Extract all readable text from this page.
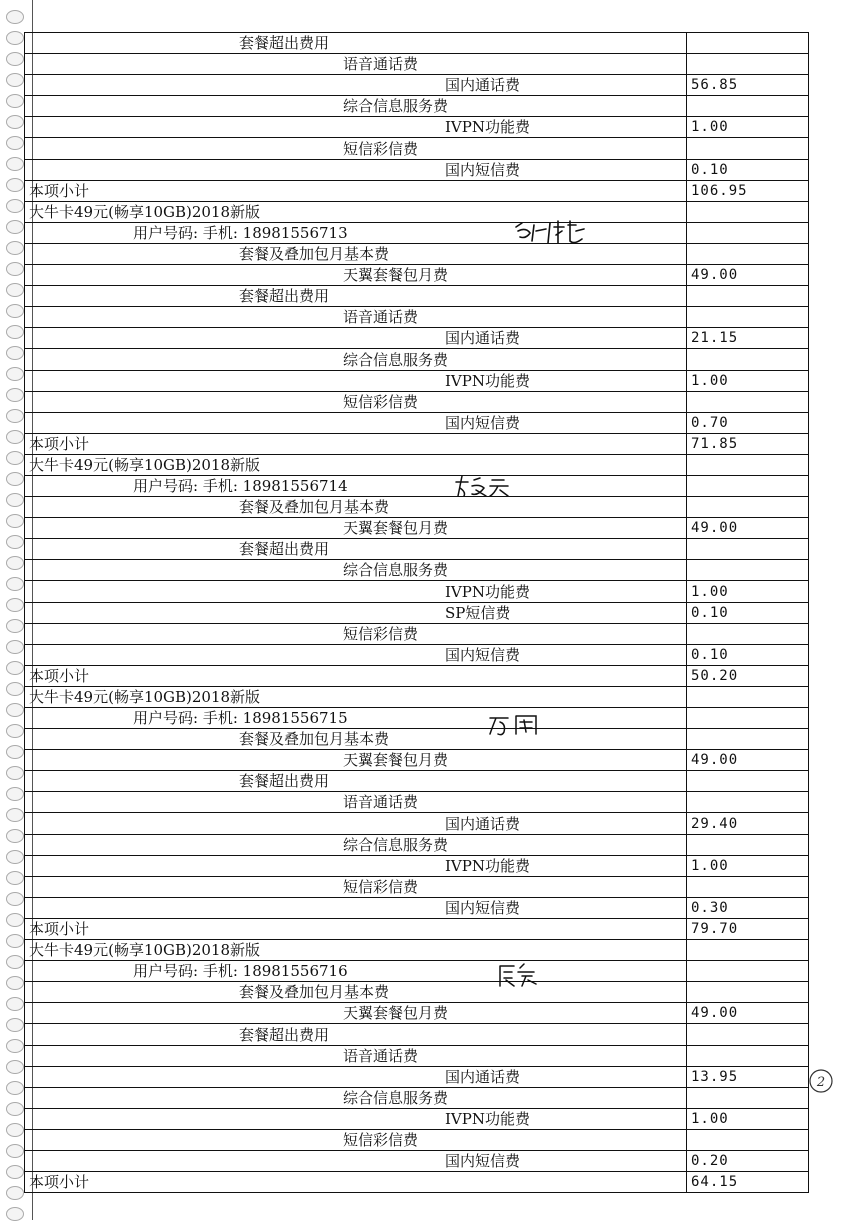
套餐超出费用	
语音通话费	
国内通话费	56.85
综合信息服务费	
IVPN功能费	1.00
短信彩信费	
国内短信费	0.10
本项小计	106.95
大牛卡49元(畅享10GB)2018新版	
用户号码: 手机: 18981556713	
套餐及叠加包月基本费	
天翼套餐包月费	49.00
套餐超出费用	
语音通话费	
国内通话费	21.15
综合信息服务费	
IVPN功能费	1.00
短信彩信费	
国内短信费	0.70
本项小计	71.85
大牛卡49元(畅享10GB)2018新版	
用户号码: 手机: 18981556714	
套餐及叠加包月基本费	
天翼套餐包月费	49.00
套餐超出费用	
综合信息服务费	
IVPN功能费	1.00
SP短信费	0.10
短信彩信费	
国内短信费	0.10
本项小计	50.20
大牛卡49元(畅享10GB)2018新版	
用户号码: 手机: 18981556715	
套餐及叠加包月基本费	
天翼套餐包月费	49.00
套餐超出费用	
语音通话费	
国内通话费	29.40
综合信息服务费	
IVPN功能费	1.00
短信彩信费	
国内短信费	0.30
本项小计	79.70
大牛卡49元(畅享10GB)2018新版	
用户号码: 手机: 18981556716	
套餐及叠加包月基本费	
天翼套餐包月费	49.00
套餐超出费用	
语音通话费	
国内通话费	13.95
综合信息服务费	
IVPN功能费	1.00
短信彩信费	
国内短信费	0.20
本项小计	64.15
2
